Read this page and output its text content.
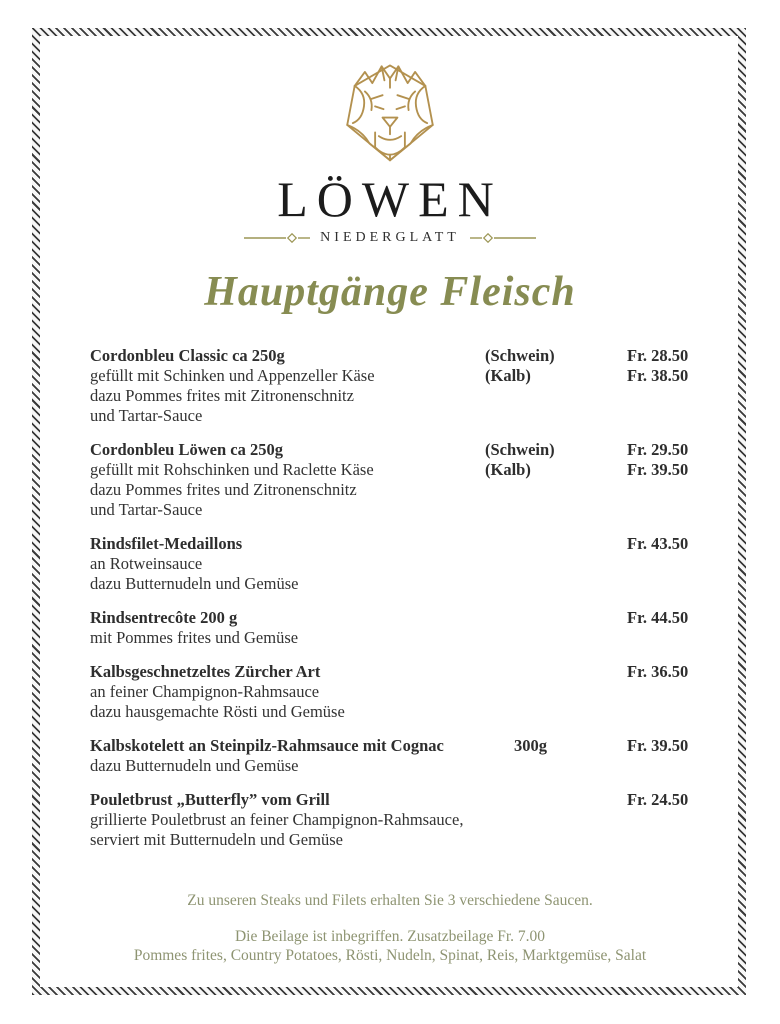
LÖWEN
NIEDERGLATT
Hauptgänge Fleisch
Cordonbleu Classic ca 250g
gefüllt mit Schinken und Appenzeller Käse
dazu Pommes frites mit Zitronenschnitz
und Tartar-Sauce
(Schwein)
(Kalb)
Fr. 28.50
Fr. 38.50
Cordonbleu Löwen ca 250g
gefüllt mit Rohschinken und Raclette Käse
dazu Pommes frites und Zitronenschnitz
und Tartar-Sauce
(Schwein)
(Kalb)
Fr. 29.50
Fr. 39.50
Rindsfilet-Medaillons
an Rotweinsauce
dazu Butternudeln und Gemüse
Fr. 43.50
Rindsentrecôte 200 g
mit Pommes frites und Gemüse
Fr. 44.50
Kalbsgeschnetzeltes Zürcher Art
an feiner Champignon-Rahmsauce
dazu hausgemachte Rösti und Gemüse
Fr. 36.50
Kalbskotelett an Steinpilz-Rahmsauce mit Cognac	300g
dazu Butternudeln und Gemüse
Fr. 39.50
Pouletbrust „Butterfly” vom Grill
grillierte Pouletbrust an feiner Champignon-Rahmsauce,
serviert mit Butternudeln und Gemüse
Fr. 24.50

Zu unseren Steaks und Filets erhalten Sie 3 verschiedene Saucen.

Die Beilage ist inbegriffen. Zusatzbeilage Fr. 7.00

Pommes frites, Country Potatoes, Rösti, Nudeln, Spinat, Reis, Marktgemüse, Salat
